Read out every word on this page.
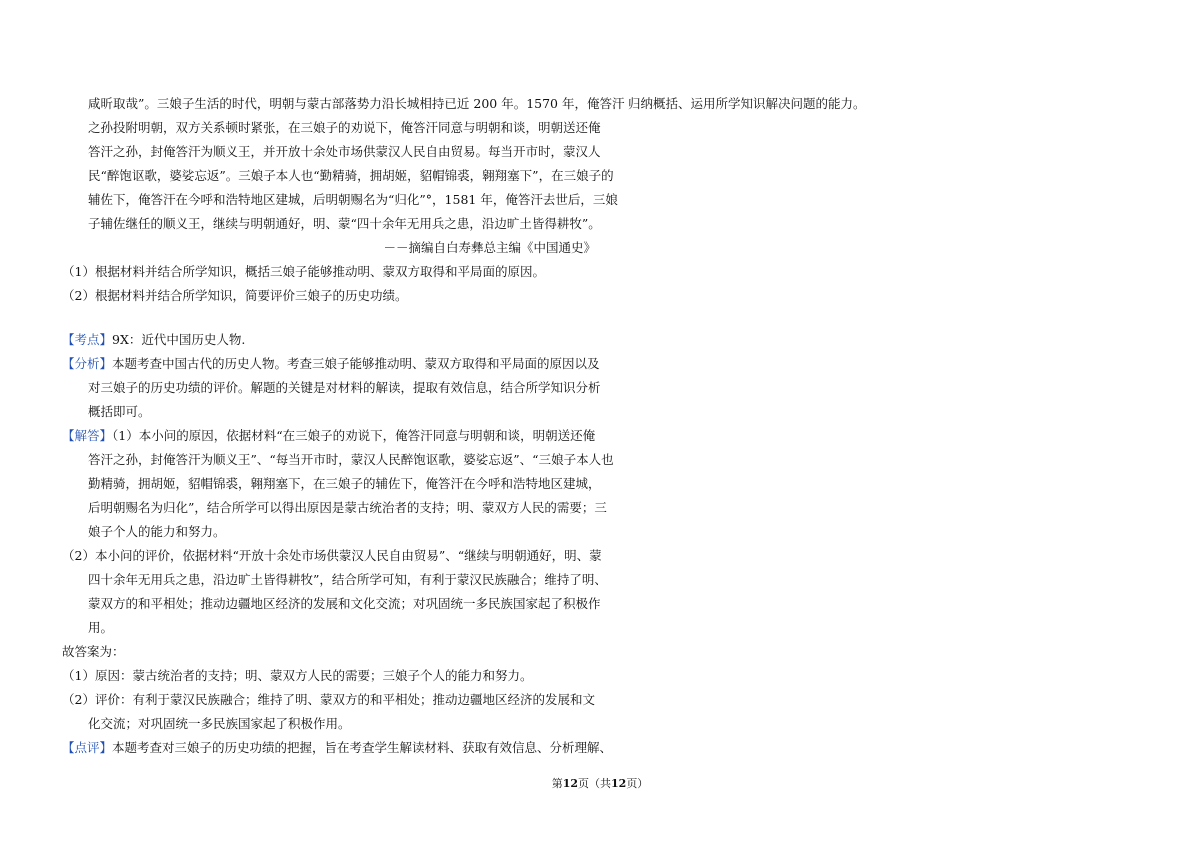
咸昕取哉”。三娘子生活的时代，明朝与蒙古部落势力沿长城相持已近 200 年。1570 年，俺答汗
之孙投附明朝，双方关系顿时紧张，在三娘子的劝说下，俺答汗同意与明朝和谈，明朝送还俺
答汗之孙，封俺答汗为顺义王，并开放十余处市场供蒙汉人民自由贸易。每当开市时，蒙汉人
民“醉饱讴歌，婆娑忘返”。三娘子本人也“勤精骑，拥胡姬，貂帽锦裘，翱翔塞下”，在三娘子的
辅佐下，俺答汗在今呼和浩特地区建城，后明朝赐名为“归化”°，1581 年，俺答汗去世后，三娘
子辅佐继任的顺义王，继续与明朝通好，明、蒙“四十余年无用兵之患，沿边旷土皆得耕牧”。
－－摘编自白寿彝总主编《中国通史》
（1）根据材料并结合所学知识，概括三娘子能够推动明、蒙双方取得和平局面的原因。
（2）根据材料并结合所学知识，简要评价三娘子的历史功绩。
【考点】9X：近代中国历史人物.
【分析】本题考查中国古代的历史人物。考查三娘子能够推动明、蒙双方取得和平局面的原因以及
对三娘子的历史功绩的评价。解题的关键是对材料的解读，提取有效信息，结合所学知识分析
概括即可。
【解答】（1）本小问的原因，依据材料“在三娘子的劝说下，俺答汗同意与明朝和谈，明朝送还俺
答汗之孙，封俺答汗为顺义王”、“每当开市时，蒙汉人民醉饱讴歌，婆娑忘返”、“三娘子本人也
勤精骑，拥胡姬，貂帽锦裘，翱翔塞下，在三娘子的辅佐下，俺答汗在今呼和浩特地区建城，
后明朝赐名为归化”，结合所学可以得出原因是蒙古统治者的支持；明、蒙双方人民的需要；三
娘子个人的能力和努力。
（2）本小问的评价，依据材料“开放十余处市场供蒙汉人民自由贸易”、“继续与明朝通好，明、蒙
四十余年无用兵之患，沿边旷土皆得耕牧”，结合所学可知，有利于蒙汉民族融合；维持了明、
蒙双方的和平相处；推动边疆地区经济的发展和文化交流；对巩固统一多民族国家起了积极作
用。
故答案为：
（1）原因：蒙古统治者的支持；明、蒙双方人民的需要；三娘子个人的能力和努力。
（2）评价：有利于蒙汉民族融合；维持了明、蒙双方的和平相处；推动边疆地区经济的发展和文
化交流；对巩固统一多民族国家起了积极作用。
【点评】本题考查对三娘子的历史功绩的把握，旨在考查学生解读材料、获取有效信息、分析理解、
归纳概括、运用所学知识解决问题的能力。
第12页（共12页）
